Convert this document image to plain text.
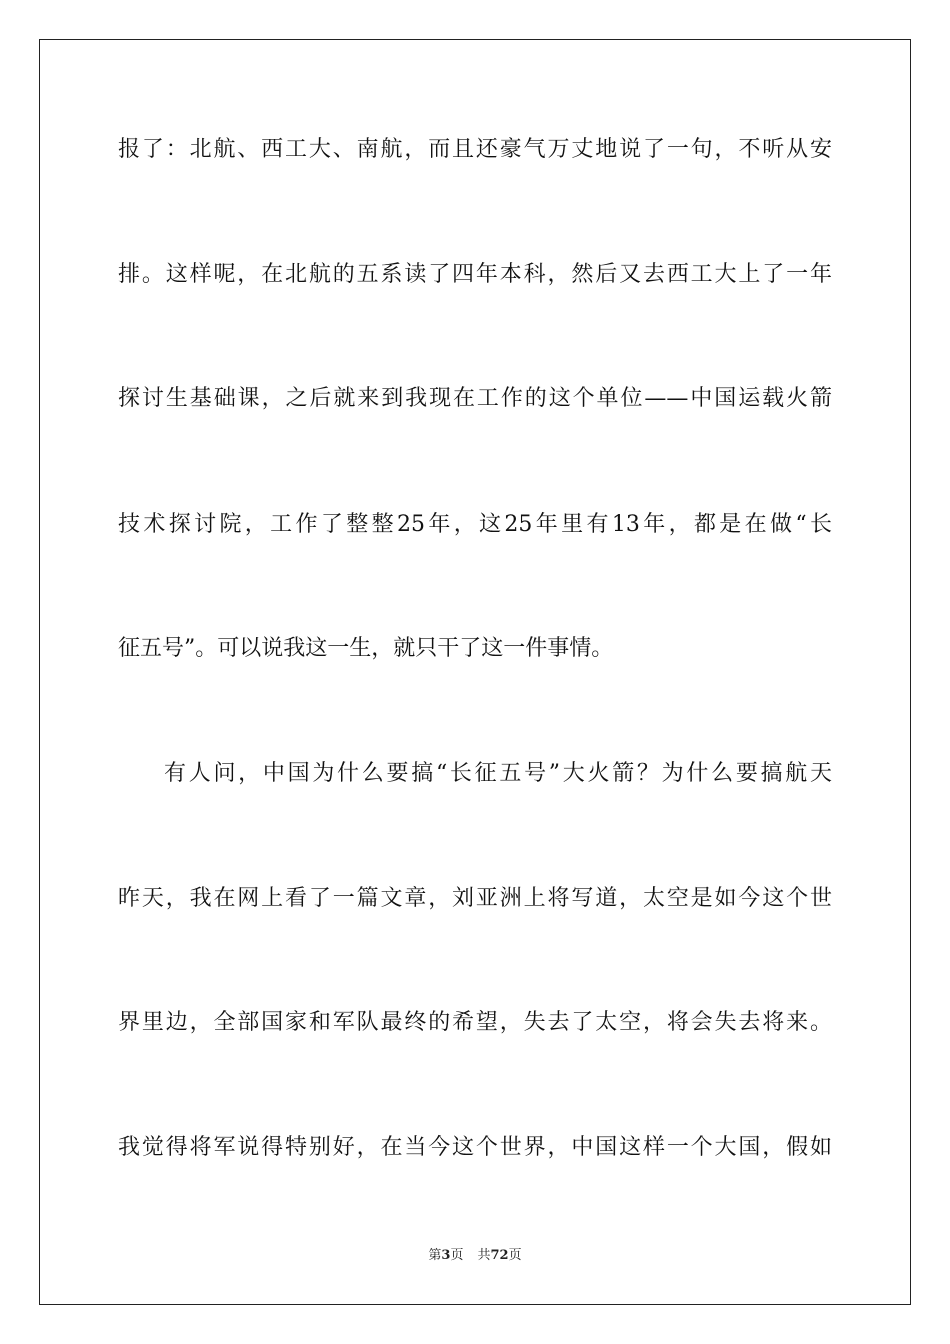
报了：北航、西工大、南航，而且还豪气万丈地说了一句，不听从安
排。这样呢，在北航的五系读了四年本科，然后又去西工大上了一年
探讨生基础课，之后就来到我现在工作的这个单位——中国运载火箭
技术探讨院，工作了整整25年，这25年里有13年，都是在做“长
征五号”。可以说我这一生，就只干了这一件事情。
有人问，中国为什么要搞“长征五号”大火箭？为什么要搞航天
昨天，我在网上看了一篇文章，刘亚洲上将写道，太空是如今这个世
界里边，全部国家和军队最终的希望，失去了太空，将会失去将来。
我觉得将军说得特别好，在当今这个世界，中国这样一个大国，假如
第3页 共72页
